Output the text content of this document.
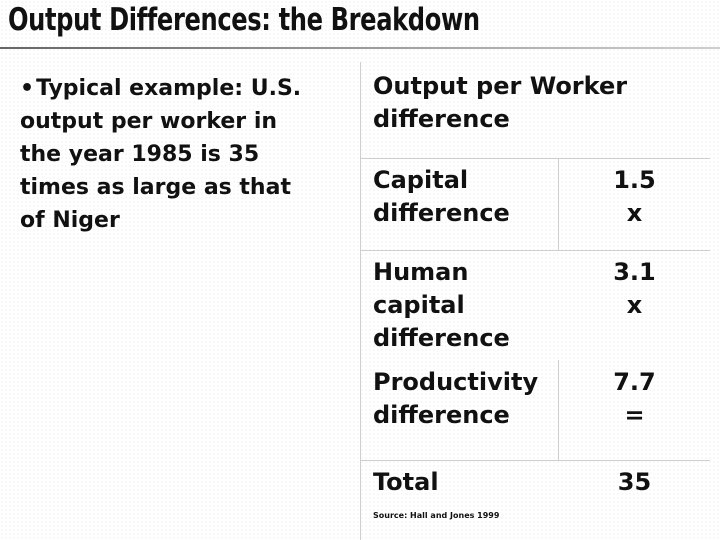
Output Differences: the Breakdown
•Typical example: U.S. output per worker in the year 1985 is 35 times as large as that of Niger
Output per Worker difference
Capital difference
1.5
x
Human capital difference
3.1
x
Productivity difference
7.7
=
Total	35
Source: Hall and Jones 1999
